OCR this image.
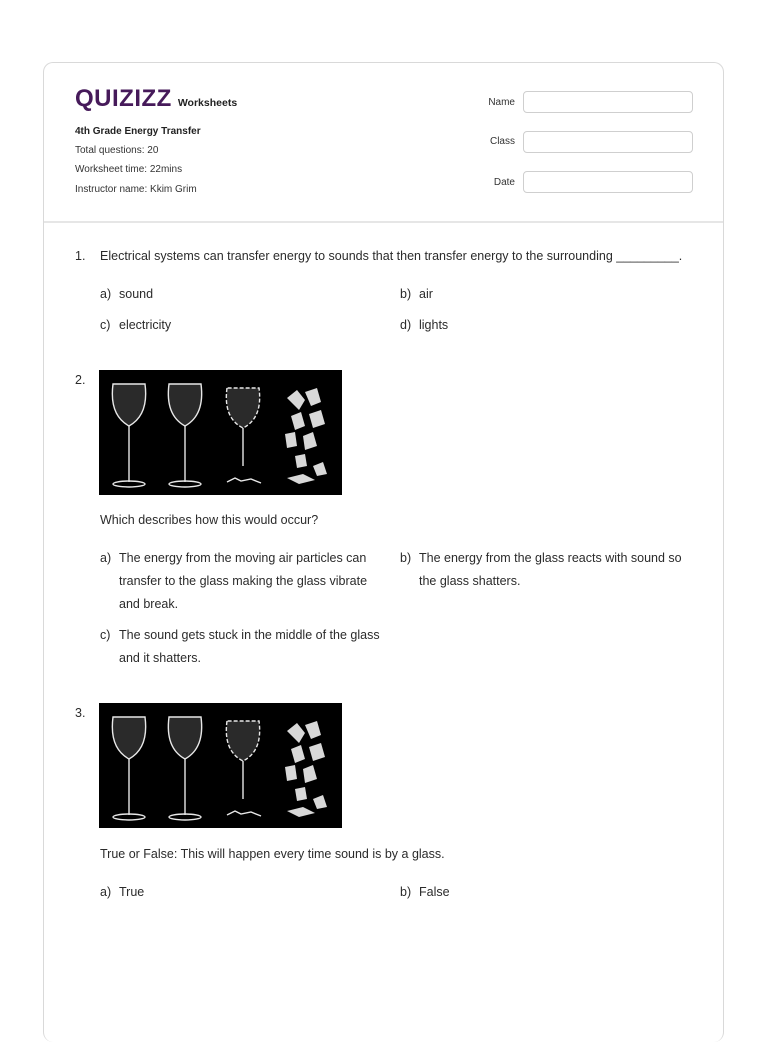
QUIZIZZ Worksheets
4th Grade Energy Transfer
Total questions: 20
Worksheet time: 22mins
Instructor name: Kkim Grim
Name
Class
Date
1. Electrical systems can transfer energy to sounds that then transfer energy to the surrounding _________.
a) sound	b) air
c) electricity	d) lights
2.
Which describes how this would occur?
a) The energy from the moving air particles can transfer to the glass making the glass vibrate and break.
b) The energy from the glass reacts with sound so the glass shatters.
c) The sound gets stuck in the middle of the glass and it shatters.
3.
True or False: This will happen every time sound is by a glass.
a) True	b) False
